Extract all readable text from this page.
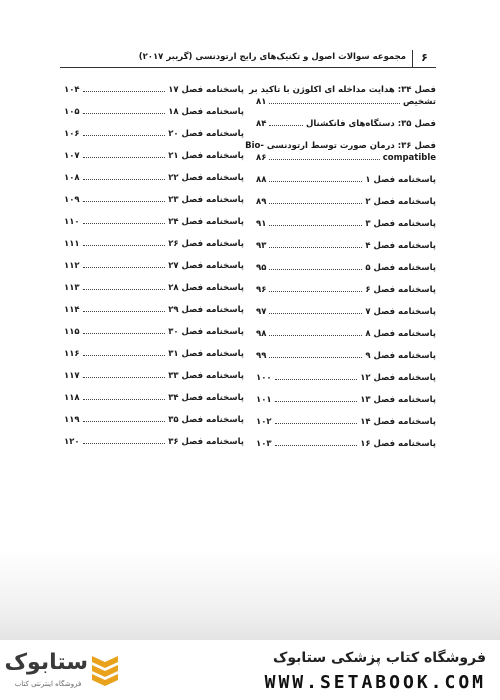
۶
مجموعه سوالات اصول و تکنیک‌های رایج ارتودنسی (گریبر ۲۰۱۷)
فصل ۳۴: هدایت مداخله ای اکلوژن با تاکید بر
تشخیص
۸۱
فصل ۳۵: دستگاه‌های فانکشنال
۸۴
فصل ۳۶: درمان صورت توسط ارتودنسی -Bio
compatible
۸۶
پاسخنامه فصل ۱
۸۸
پاسخنامه فصل ۲
۸۹
پاسخنامه فصل ۳
۹۱
پاسخنامه فصل ۴
۹۳
پاسخنامه فصل ۵
۹۵
پاسخنامه فصل ۶
۹۶
پاسخنامه فصل ۷
۹۷
پاسخنامه فصل ۸
۹۸
پاسخنامه فصل ۹
۹۹
پاسخنامه فصل ۱۲
۱۰۰
پاسخنامه فصل ۱۳
۱۰۱
پاسخنامه فصل ۱۴
۱۰۲
پاسخنامه فصل ۱۶
۱۰۳
پاسخنامه فصل ۱۷
۱۰۴
پاسخنامه فصل ۱۸
۱۰۵
پاسخنامه فصل ۲۰
۱۰۶
پاسخنامه فصل ۲۱
۱۰۷
پاسخنامه فصل ۲۲
۱۰۸
پاسخنامه فصل ۲۳
۱۰۹
پاسخنامه فصل ۲۴
۱۱۰
پاسخنامه فصل ۲۶
۱۱۱
پاسخنامه فصل ۲۷
۱۱۲
پاسخنامه فصل ۲۸
۱۱۳
پاسخنامه فصل ۲۹
۱۱۴
پاسخنامه فصل ۳۰
۱۱۵
پاسخنامه فصل ۳۱
۱۱۶
پاسخنامه فصل ۳۳
۱۱۷
پاسخنامه فصل ۳۴
۱۱۸
پاسخنامه فصل ۳۵
۱۱۹
پاسخنامه فصل ۳۶
۱۲۰
ستابوک
فروشگاه اینترنتی کتاب
فروشگاه کتاب پزشکی ستابوک
WWW.SETABOOK.COM
